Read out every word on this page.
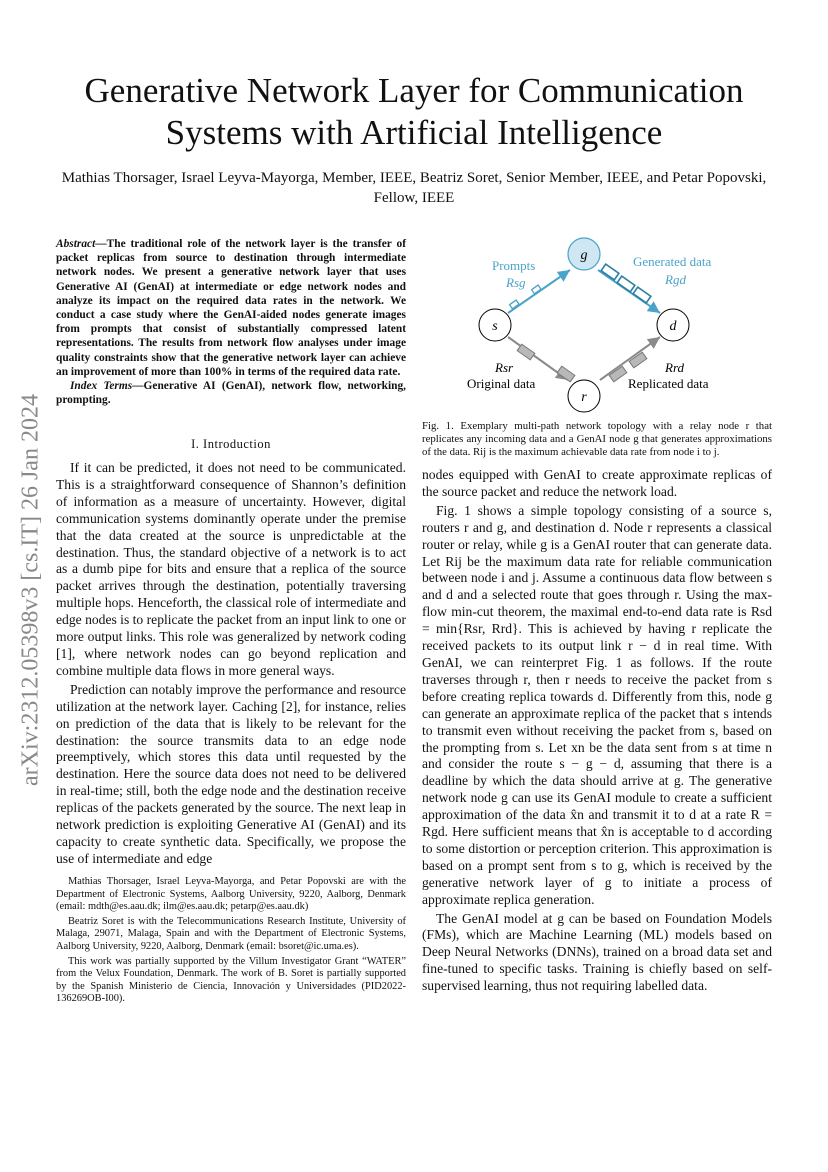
Generative Network Layer for Communication Systems with Artificial Intelligence
Mathias Thorsager, Israel Leyva-Mayorga, Member, IEEE, Beatriz Soret, Senior Member, IEEE, and Petar Popovski, Fellow, IEEE
arXiv:2312.05398v3 [cs.IT] 26 Jan 2024
Abstract—The traditional role of the network layer is the transfer of packet replicas from source to destination through intermediate network nodes. We present a generative network layer that uses Generative AI (GenAI) at intermediate or edge network nodes and analyze its impact on the required data rates in the network. We conduct a case study where the GenAI-aided nodes generate images from prompts that consist of substantially compressed latent representations. The results from network flow analyses under image quality constraints show that the generative network layer can achieve an improvement of more than 100% in terms of the required data rate.
Index Terms—Generative AI (GenAI), network flow, networking, prompting.
I. Introduction

If it can be predicted, it does not need to be communicated. This is a straightforward consequence of Shannon’s definition of information as a measure of uncertainty. However, digital communication systems dominantly operate under the premise that the data created at the source is unpredictable at the destination. Thus, the standard objective of a network is to act as a dumb pipe for bits and ensure that a replica of the source packet arrives through the destination, potentially traversing multiple hops. Henceforth, the classical role of intermediate and edge nodes is to replicate the packet from an input link to one or more output links. This role was generalized by network coding [1], where network nodes can go beyond replication and combine multiple data flows in more general ways.

Prediction can notably improve the performance and resource utilization at the network layer. Caching [2], for instance, relies on prediction of the data that is likely to be relevant for the destination: the source transmits data to an edge node preemptively, which stores this data until requested by the destination. Here the source data does not need to be delivered in real-time; still, both the edge node and the destination receive replicas of the packets generated by the source. The next leap in network prediction is exploiting Generative AI (GenAI) and its capacity to create synthetic data. Specifically, we propose the use of intermediate and edge

Mathias Thorsager, Israel Leyva-Mayorga, and Petar Popovski are with the Department of Electronic Systems, Aalborg University, 9220, Aalborg, Denmark (email: mdth@es.aau.dk; ilm@es.aau.dk; petarp@es.aau.dk)

Beatriz Soret is with the Telecommunications Research Institute, University of Malaga, 29071, Malaga, Spain and with the Department of Electronic Systems, Aalborg University, 9220, Aalborg, Denmark (email: bsoret@ic.uma.es).

This work was partially supported by the Villum Investigator Grant “WATER” from the Velux Foundation, Denmark. The work of B. Soret is partially supported by the Spanish Ministerio de Ciencia, Innovación y Universidades (PID2022-136269OB-I00).

s
g
d
r
Prompts
Rsg
Generated data
Rgd
Rsr
Original data
Rrd
Replicated data
Fig. 1. Exemplary multi-path network topology with a relay node r that replicates any incoming data and a GenAI node g that generates approximations of the data. Rij is the maximum achievable data rate from node i to j.

nodes equipped with GenAI to create approximate replicas of the source packet and reduce the network load.

Fig. 1 shows a simple topology consisting of a source s, routers r and g, and destination d. Node r represents a classical router or relay, while g is a GenAI router that can generate data. Let Rij be the maximum data rate for reliable communication between node i and j. Assume a continuous data flow between s and d and a selected route that goes through r. Using the max-flow min-cut theorem, the maximal end-to-end data rate is Rsd = min{Rsr, Rrd}. This is achieved by having r replicate the received packets to its output link r − d in real time. With GenAI, we can reinterpret Fig. 1 as follows. If the route traverses through r, then r needs to receive the packet from s before creating replica towards d. Differently from this, node g can generate an approximate replica of the packet that s intends to transmit even without receiving the packet from s, based on the prompting from s. Let xn be the data sent from s at time n and consider the route s − g − d, assuming that there is a deadline by which the data should arrive at g. The generative network node g can use its GenAI module to create a sufficient approximation of the data x̂n and transmit it to d at a rate R = Rgd. Here sufficient means that x̂n is acceptable to d according to some distortion or perception criterion. This approximation is based on a prompt sent from s to g, which is received by the generative network layer of g to initiate a process of approximate replica generation.

The GenAI model at g can be based on Foundation Models (FMs), which are Machine Learning (ML) models based on Deep Neural Networks (DNNs), trained on a broad data set and fine-tuned to specific tasks. Training is chiefly based on self-supervised learning, thus not requiring labelled data.
